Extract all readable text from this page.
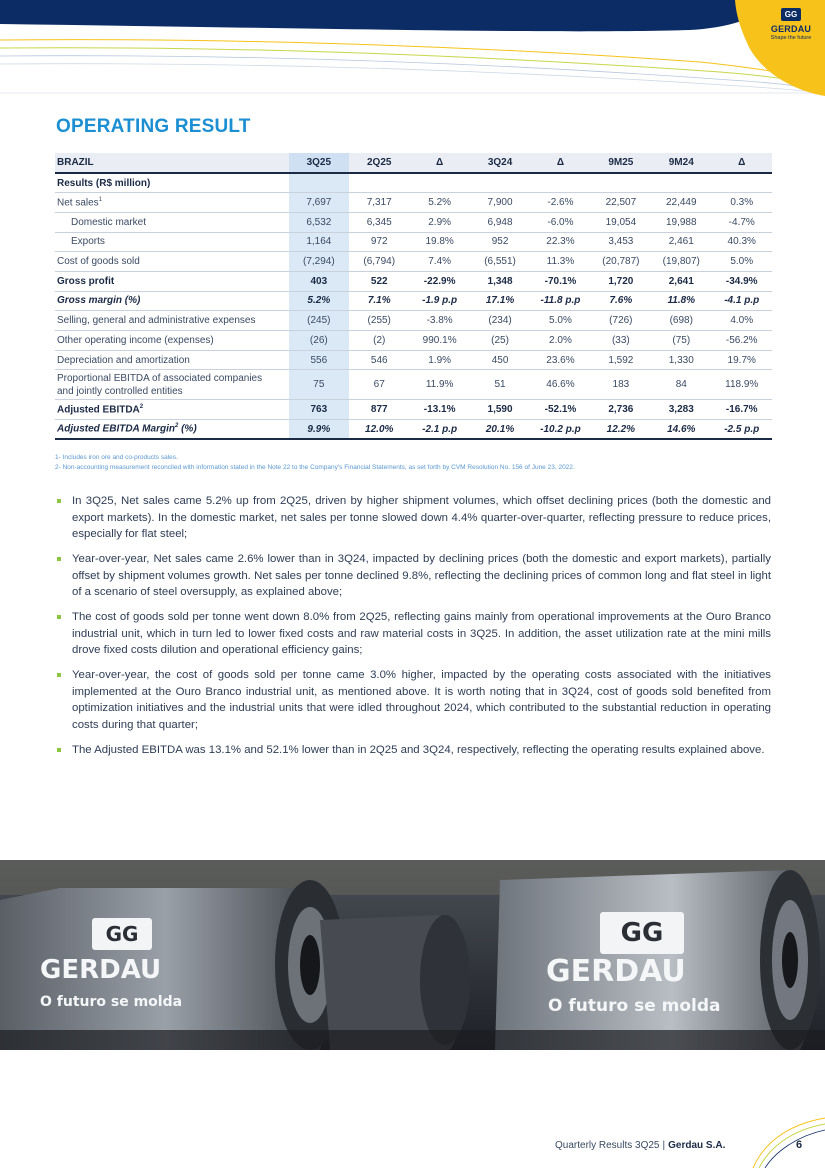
GG
GERDAU
Shape the future
OPERATING RESULT
BRAZIL	3Q25	2Q25	Δ	3Q24	Δ	9M25	9M24	Δ
Results (R$ million)								
Net sales$^1$	7,697	7,317	5.2%	7,900	-2.6%	22,507	22,449	0.3%
Domestic market	6,532	6,345	2.9%	6,948	-6.0%	19,054	19,988	-4.7%
Exports	1,164	972	19.8%	952	22.3%	3,453	2,461	40.3%
Cost of goods sold	(7,294)	(6,794)	7.4%	(6,551)	11.3%	(20,787)	(19,807)	5.0%
Gross profit	403	522	-22.9%	1,348	-70.1%	1,720	2,641	-34.9%
Gross margin (%)	5.2%	7.1%	-1.9 p.p	17.1%	-11.8 p.p	7.6%	11.8%	-4.1 p.p
Selling, general and administrative expenses	(245)	(255)	-3.8%	(234)	5.0%	(726)	(698)	4.0%
Other operating income (expenses)	(26)	(2)	990.1%	(25)	2.0%	(33)	(75)	-56.2%
Depreciation and amortization	556	546	1.9%	450	23.6%	1,592	1,330	19.7%
Proportional EBITDA of associated companies
and jointly controlled entities	75	67	11.9%	51	46.6%	183	84	118.9%
Adjusted EBITDA$^2$	763	877	-13.1%	1,590	-52.1%	2,736	3,283	-16.7%
Adjusted EBITDA Margin$^2$ (%)	9.9%	12.0%	-2.1 p.p	20.1%	-10.2 p.p	12.2%	14.6%	-2.5 p.p
1- Includes iron ore and co-products sales.
2- Non-accounting measurement reconciled with information stated in the Note 22 to the Company's Financial Statements, as set forth by CVM Resolution No. 156 of June 23, 2022.
In 3Q25, Net sales came 5.2% up from 2Q25, driven by higher shipment volumes, which offset declining prices (both the domestic and export markets). In the domestic market, net sales per tonne slowed down 4.4% quarter-over-quarter, reflecting pressure to reduce prices, especially for flat steel;
Year-over-year, Net sales came 2.6% lower than in 3Q24, impacted by declining prices (both the domestic and export markets), partially offset by shipment volumes growth. Net sales per tonne declined 9.8%, reflecting the declining prices of common long and flat steel in light of a scenario of steel oversupply, as explained above;
The cost of goods sold per tonne went down 8.0% from 2Q25, reflecting gains mainly from operational improvements at the Ouro Branco industrial unit, which in turn led to lower fixed costs and raw material costs in 3Q25. In addition, the asset utilization rate at the mini mills drove fixed costs dilution and operational efficiency gains;
Year-over-year, the cost of goods sold per tonne came 3.0% higher, impacted by the operating costs associated with the initiatives implemented at the Ouro Branco industrial unit, as mentioned above. It is worth noting that in 3Q24, cost of goods sold benefited from optimization initiatives and the industrial units that were idled throughout 2024, which contributed to the substantial reduction in operating costs during that quarter;
The Adjusted EBITDA was 13.1% and 52.1% lower than in 2Q25 and 3Q24, respectively, reflecting the operating results explained above.
GG
GERDAU
O futuro se molda
GG
GERDAU
O futuro se molda
Quarterly Results 3Q25 | Gerdau S.A.	6
